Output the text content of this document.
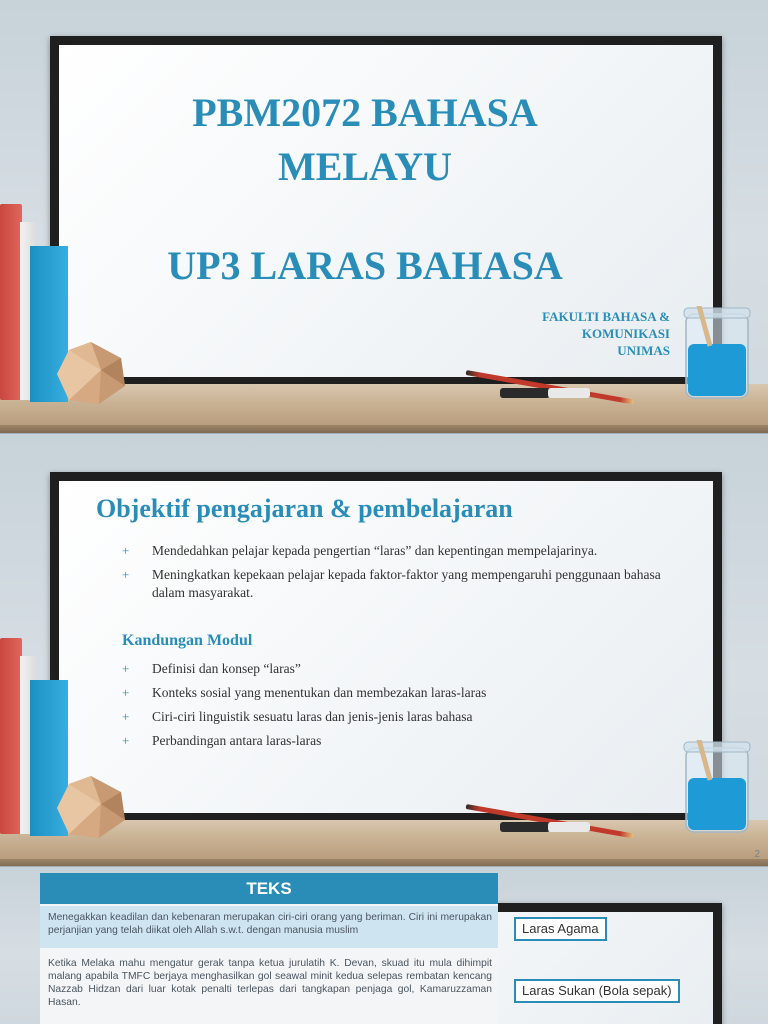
PBM2072 BAHASA
MELAYU
UP3 LARAS BAHASA
FAKULTI BAHASA &
KOMUNIKASI
UNIMAS
Objektif pengajaran & pembelajaran
+ Mendedahkan pelajar kepada pengertian “laras” dan kepentingan mempelajarinya.
+ Meningkatkan kepekaan pelajar kepada faktor-faktor yang mempengaruhi penggunaan bahasa dalam masyarakat.
Kandungan Modul
+ Definisi dan konsep “laras”
+ Konteks sosial yang menentukan dan membezakan laras-laras
+ Ciri-ciri linguistik sesuatu laras dan jenis-jenis laras bahasa
+ Perbandingan antara laras-laras
2
TEKS
Menegakkan keadilan dan kebenaran merupakan ciri-ciri orang yang beriman. Ciri ini merupakan perjanjian yang telah diikat oleh Allah s.w.t. dengan manusia muslim
Ketika Melaka mahu mengatur gerak tanpa ketua jurulatih K. Devan, skuad itu mula dihimpit malang apabila TMFC berjaya menghasilkan gol seawal minit kedua selepas rembatan kencang Nazzab Hidzan dari luar kotak penalti terlepas dari tangkapan penjaga gol, Kamaruzzaman Hasan.
Laras Agama
Laras Sukan (Bola sepak)
